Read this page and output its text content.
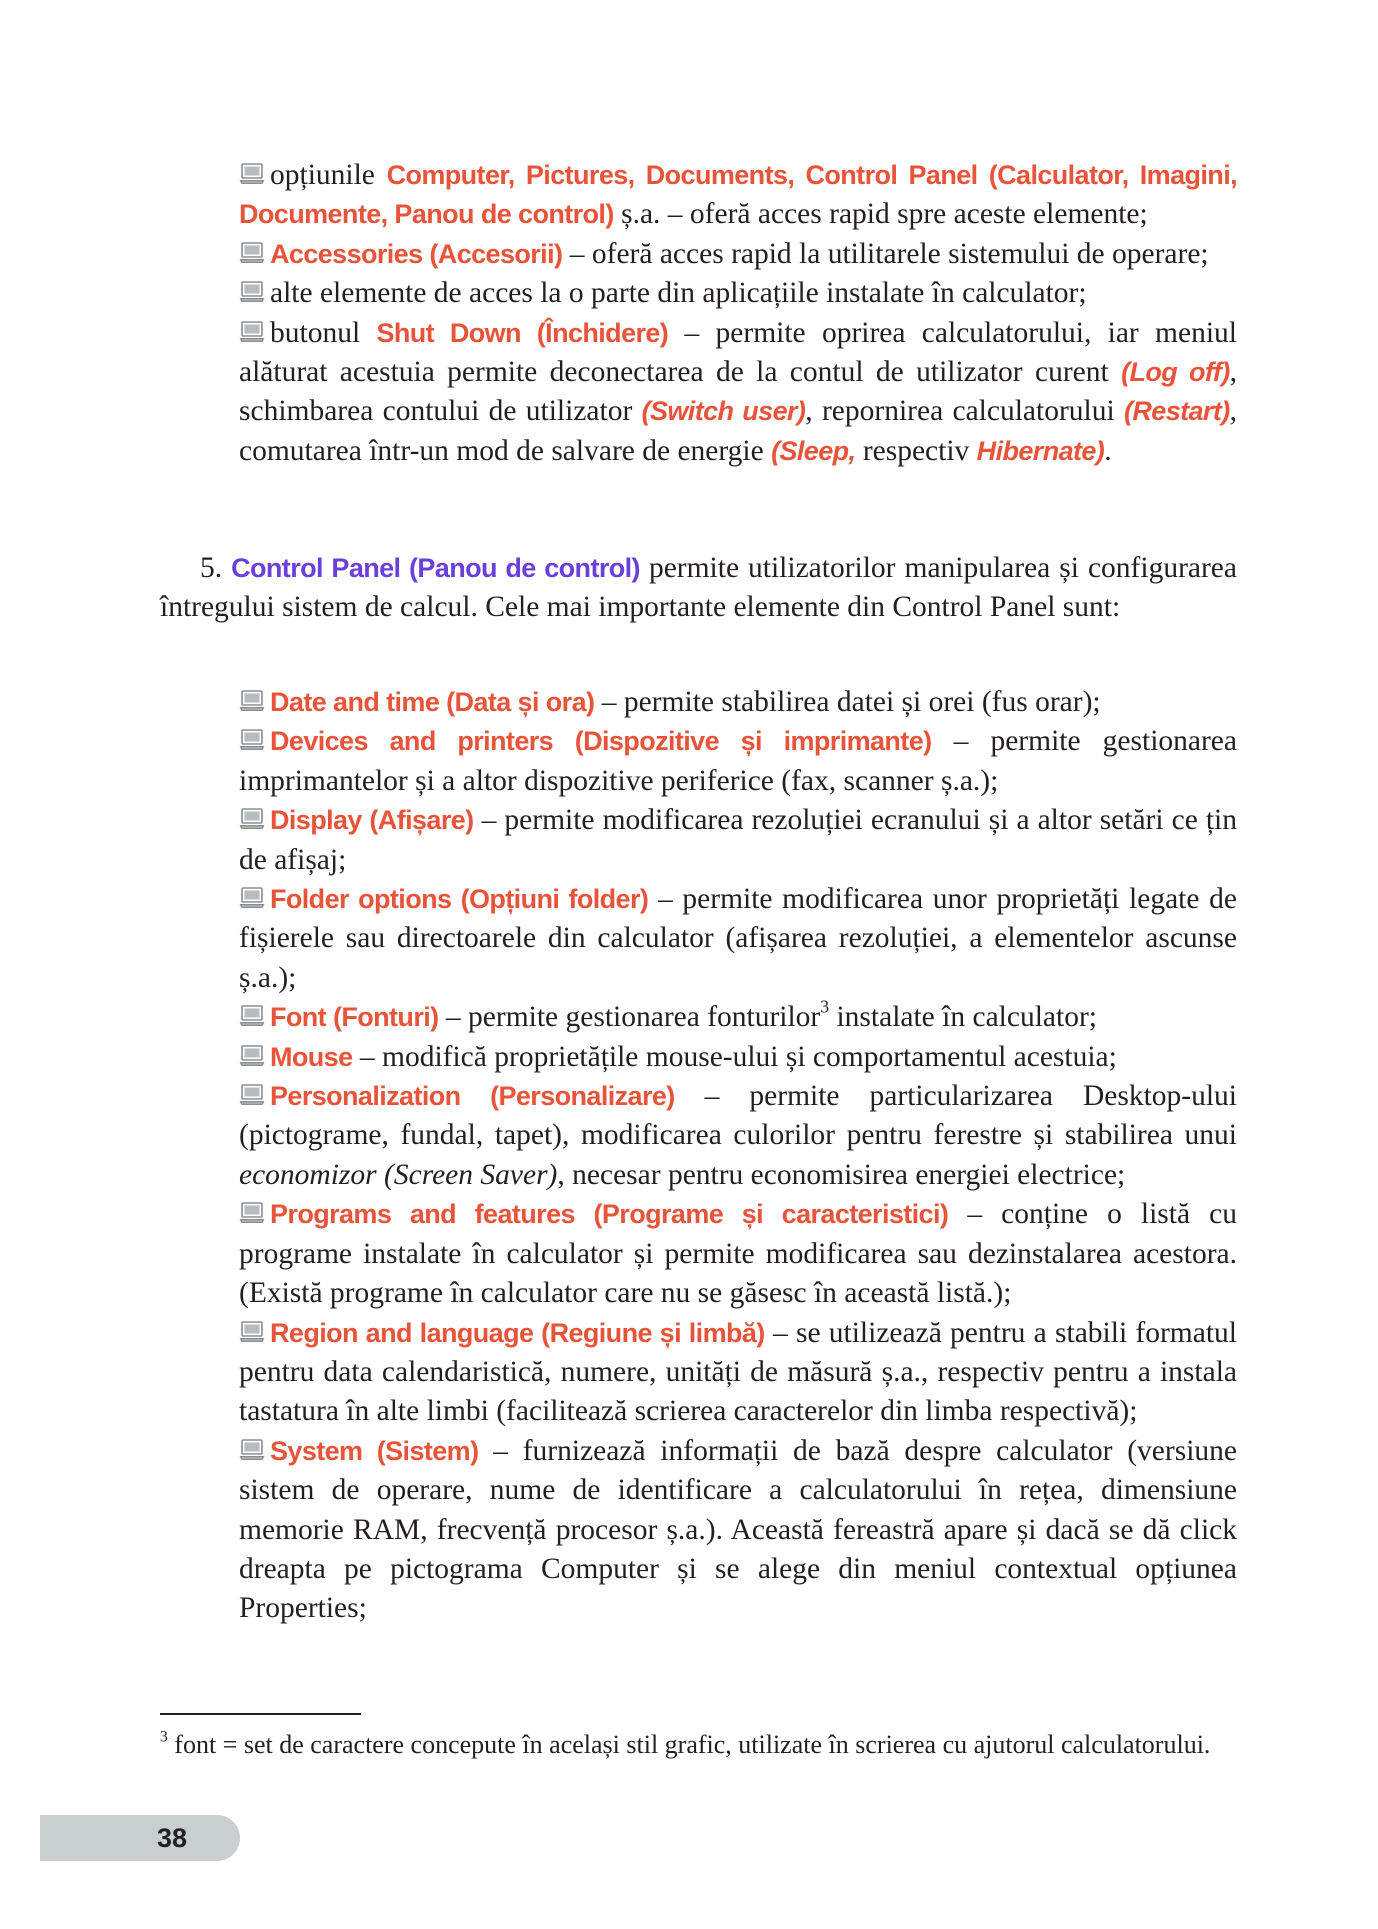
opțiunile Computer, Pictures, Documents, Control Panel (Calculator, Imagini, Documente, Panou de control) ș.a. – oferă acces rapid spre aceste elemente;
Accessories (Accesorii) – oferă acces rapid la utilitarele sistemului de operare;
alte elemente de acces la o parte din aplicațiile instalate în calculator;
butonul Shut Down (Închidere) – permite oprirea calculatorului, iar meniul alăturat acestuia permite deconectarea de la contul de utilizator curent (Log off), schimbarea contului de utilizator (Switch user), repornirea calculatorului (Restart), comutarea într-un mod de salvare de energie (Sleep, respectiv Hibernate).

5. Control Panel (Panou de control) permite utilizatorilor manipularea și configurarea întregului sistem de calcul. Cele mai importante elemente din Control Panel sunt:

Date and time (Data și ora) – permite stabilirea datei și orei (fus orar);
Devices and printers (Dispozitive și imprimante) – permite gestionarea imprimantelor și a altor dispozitive periferice (fax, scanner ș.a.);
Display (Afișare) – permite modificarea rezoluției ecranului și a altor setări ce țin de afișaj;
Folder options (Opțiuni folder) – permite modificarea unor proprietăți legate de fișierele sau directoarele din calculator (afișarea rezoluției, a elementelor ascunse ș.a.);
Font (Fonturi) – permite gestionarea fonturilor$^3$ instalate în calculator;
Mouse – modifică proprietățile mouse-ului și comportamentul acestuia;
Personalization (Personalizare) – permite particularizarea Desktop-ului (pictograme, fundal, tapet), modificarea culorilor pentru ferestre și stabilirea unui economizor (Screen Saver), necesar pentru economisirea energiei electrice;
Programs and features (Programe și caracteristici) – conține o listă cu programe instalate în calculator și permite modificarea sau dezinstalarea acestora. (Există programe în calculator care nu se găsesc în această listă.);
Region and language (Regiune și limbă) – se utilizează pentru a stabili formatul pentru data calendaristică, numere, unități de măsură ș.a., respectiv pentru a instala tastatura în alte limbi (facilitează scrierea caracterelor din limba respectivă);
System (Sistem) – furnizează informații de bază despre calculator (versiune sistem de operare, nume de identificare a calculatorului în rețea, dimensiune memorie RAM, frecvență procesor ș.a.). Această fereastră apare și dacă se dă click dreapta pe pictograma Computer și se alege din meniul contextual opțiunea Properties;

$^3$ font = set de caractere concepute în același stil grafic, utilizate în scrierea cu ajutorul calculatorului.

38
